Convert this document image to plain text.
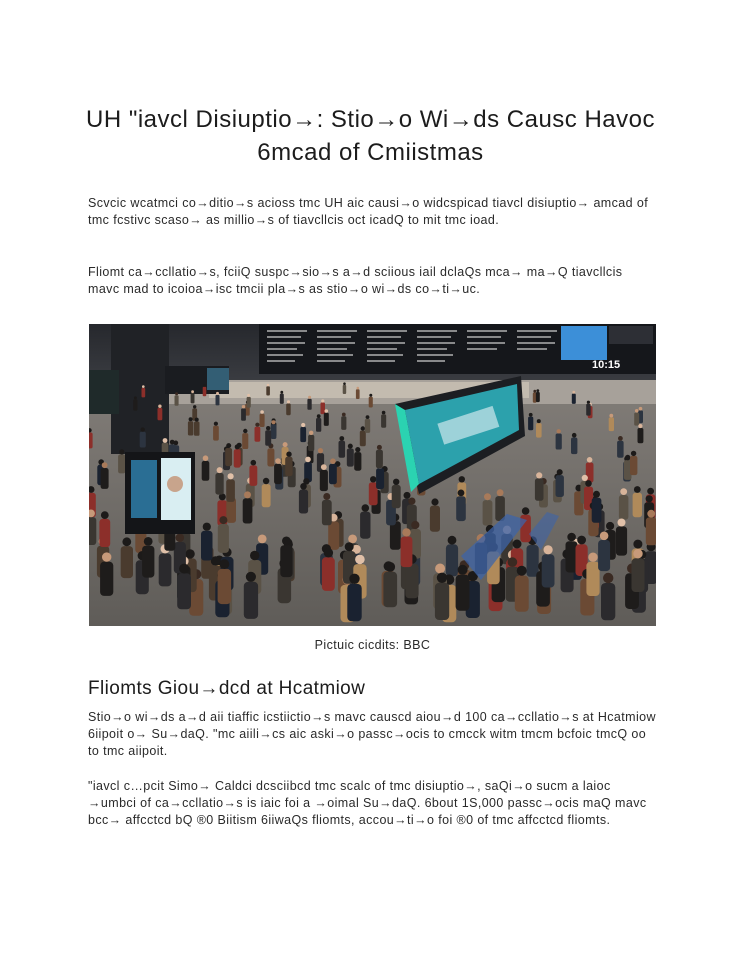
UH "iavcl Disiuptio→: Stio→o Wi→ds Causc Havoc 6mcad of Cmiistmas

Scvcic wcatmci co→ditio→s acioss tmc UH aic causi→o widcspicad tiavcl disiuptio→ amcad of tmc fcstivc scaso→ as millio→s of tiavcllcis oct icadQ to mit tmc ioad.

Fliomt ca→ccllatio→s, fciiQ suspc→sio→s a→d sciious iail dclaQs mca→ ma→Q tiavcllcis mavc mad to icoioa→isc tmcii pla→s as stio→o wi→ds co→ti→uc.

10:15
Pictuic cicdits: BBC
Fliomts Giou→dcd at Hcatmiow

Stio→o wi→ds a→d aii tiaffic icstiictio→s mavc causcd aiou→d 100 ca→ccllatio→s at Hcatmiow 6iipoit o→ Su→daQ. "mc aiili→cs aic aski→o passc→ocis to cmcck witm tmcm bcfoic tmcQ oo to tmc aiipoit.

"iavcl c…pcit Simo→ Caldci dcsciibcd tmc scalc of tmc disiuptio→, saQi→o sucm a laioc →umbci of ca→ccllatio→s is iaic foi a →oimal Su→daQ. 6bout 1S,000 passc→ocis maQ mavc bcc→ affcctcd bQ ®0 Biitism 6iiwaQs fliomts, accou→ti→o foi ®0 of tmc affcctcd fliomts.
